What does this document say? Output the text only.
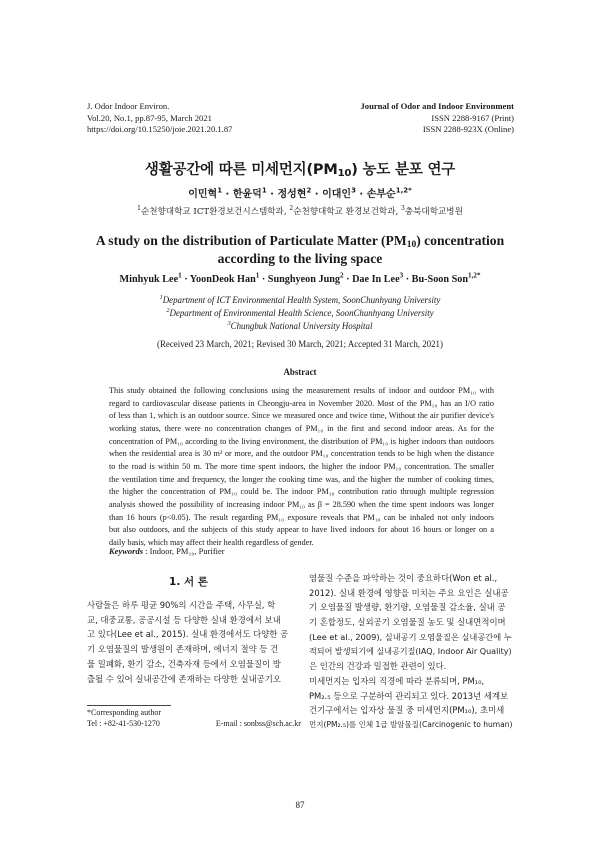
J. Odor Indoor Environ.
Vol.20, No.1, pp.87-95, March 2021
https://doi.org/10.15250/joie.2021.20.1.87
Journal of Odor and Indoor Environment
ISSN 2288-9167 (Print)
ISSN 2288-923X (Online)
생활공간에 따른 미세먼지$(PM_{10})$ 농도 분포 연구
이민혁$^1$ · 한윤덕$^1$ · 정성현$^2$ · 이대인$^3$ · 손부순$^{1,2*}$
$^1$순천향대학교 ICT환경보건시스템학과, $^2$순천향대학교 환경보건학과, $^3$충북대학교병원
A study on the distribution of Particulate Matter $(PM_{10})$ concentration
according to the living space
Minhyuk Lee$^1$ · YoonDeok Han$^1$ · Sunghyeon Jung$^2$ · Dae In Lee$^3$ · Bu-Soon Son$^{1,2*}$
$^1$Department of ICT Environmental Health System, SoonChunhyang University
$^2$Department of Environmental Health Science, SoonChunhyang University
$^3$Chungbuk National University Hospital
(Received 23 March, 2021; Revised 30 March, 2021; Accepted 31 March, 2021)
Abstract
This study obtained the following conclusions using the measurement results of indoor and outdoor PM₁₀ with
regard to cardiovascular disease patients in Cheongju-area in November 2020. Most of the PM₁₀ has an I/O ratio
of less than 1, which is an outdoor source. Since we measured once and twice time, Without the air purifier device's
working status, there were no concentration changes of PM₁₀ in the first and second indoor areas. As for the
concentration of PM₁₀ according to the living environment, the distribution of PM₁₀ is higher indoors than outdoors
when the residential area is 30 m² or more, and the outdoor PM₁₀ concentration tends to be high when the distance
to the road is within 50 m. The more time spent indoors, the higher the indoor PM₁₀ concentration. The smaller
the ventilation time and frequency, the longer the cooking time was, and the higher the number of cooking times,
the higher the concentration of PM₁₀ could be. The indoor PM₁₀ contribution ratio through multiple regression
analysis showed the possibility of increasing indoor PM₁₀ as β = 28.590 when the time spent indoors was longer
than 16 hours (p<0.05). The result regarding PM₁₀ exposure reveals that PM₁₀ can be inhaled not only indoors
but also outdoors, and the subjects of this study appear to have lived indoors for about 16 hours or longer on a
daily basis, which may affect their health regardless of gender.
Keywords : Indoor, PM₁₀, Purifier
1. 서 론
사람들은 하루 평균 90%의 시간을 주택, 사무실, 학
교, 대중교통, 공공시설 등 다양한 실내 환경에서 보내
고 있다(Lee et al., 2015). 실내 환경에서도 다양한 공
기 오염물질의 발생원이 존재하며, 에너지 절약 등 건
물 밀폐화, 환기 감소, 건축자재 등에서 오염물질이 방
출될 수 있어 실내공간에 존재하는 다양한 실내공기오
염물질 수준을 파악하는 것이 중요하다(Won et al.,
2012). 실내 환경에 영향을 미치는 주요 요인은 실내공
기 오염물질 발생량, 환기량, 오염물질 감소율, 실내 공
기 혼합정도, 실외공기 오염물질 농도 및 실내면적이며
(Lee et al., 2009), 실내공기 오염물질은 실내공간에 누
적되어 발생되기에 실내공기질(IAQ, Indoor Air Quality)
은 인간의 건강과 밀접한 관련이 있다.
미세먼지는 입자의 직경에 따라 분류되며, PM₁₀,
PM₂.₅ 등으로 구분하여 관리되고 있다. 2013년 세계보
건기구에서는 입자상 물질 중 미세먼지(PM₁₀), 초미세
먼지(PM₂.₅)를 인체 1급 발암물질(Carcinogenic to human)
*Corresponding author
Tel : +82-41-530-1270	E-mail : sonbss@sch.ac.kr
87
